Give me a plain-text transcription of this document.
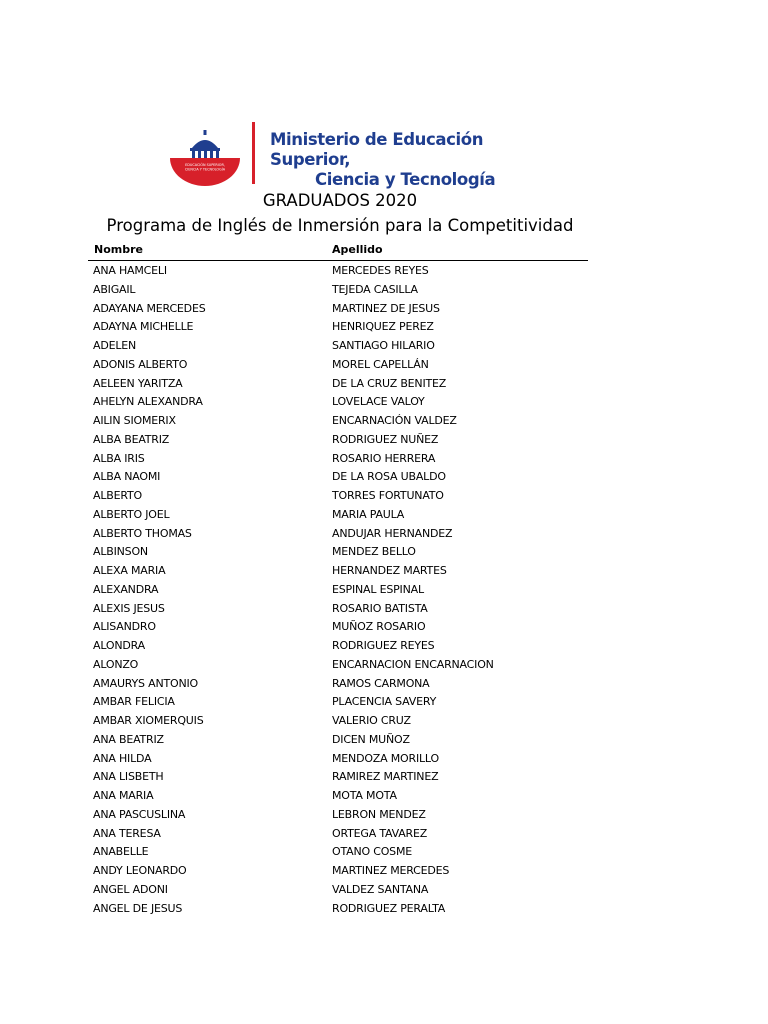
EDUCACIÓN SUPERIOR,
CIENCIA Y TECNOLOGÍA
Ministerio de Educación Superior,
Ciencia y Tecnología
GRADUADOS 2020
Programa de Inglés de Inmersión para la Competitividad
Nombre	Apellido
ANA HAMCELI	MERCEDES REYES
ABIGAIL	TEJEDA CASILLA
ADAYANA MERCEDES	MARTINEZ DE JESUS
ADAYNA MICHELLE	HENRIQUEZ PEREZ
ADELEN	SANTIAGO HILARIO
ADONIS ALBERTO	MOREL CAPELLÁN
AELEEN YARITZA	DE LA CRUZ BENITEZ
AHELYN ALEXANDRA	LOVELACE VALOY
AILIN SIOMERIX	ENCARNACIÓN VALDEZ
ALBA BEATRIZ	RODRIGUEZ NUÑEZ
ALBA IRIS	ROSARIO HERRERA
ALBA NAOMI	DE LA ROSA UBALDO
ALBERTO	TORRES FORTUNATO
ALBERTO JOEL	MARIA PAULA
ALBERTO THOMAS	ANDUJAR HERNANDEZ
ALBINSON	MENDEZ BELLO
ALEXA MARIA	HERNANDEZ MARTES
ALEXANDRA	ESPINAL ESPINAL
ALEXIS JESUS	ROSARIO BATISTA
ALISANDRO	MUÑOZ ROSARIO
ALONDRA	RODRIGUEZ REYES
ALONZO	ENCARNACION ENCARNACION
AMAURYS ANTONIO	RAMOS CARMONA
AMBAR FELICIA	PLACENCIA SAVERY
AMBAR XIOMERQUIS	VALERIO CRUZ
ANA BEATRIZ	DICEN MUÑOZ
ANA HILDA	MENDOZA MORILLO
ANA LISBETH	RAMIREZ MARTINEZ
ANA MARIA	MOTA MOTA
ANA PASCUSLINA	LEBRON MENDEZ
ANA TERESA	ORTEGA TAVAREZ
ANABELLE	OTANO COSME
ANDY LEONARDO	MARTINEZ MERCEDES
ANGEL ADONI	VALDEZ SANTANA
ANGEL DE JESUS	RODRIGUEZ PERALTA
